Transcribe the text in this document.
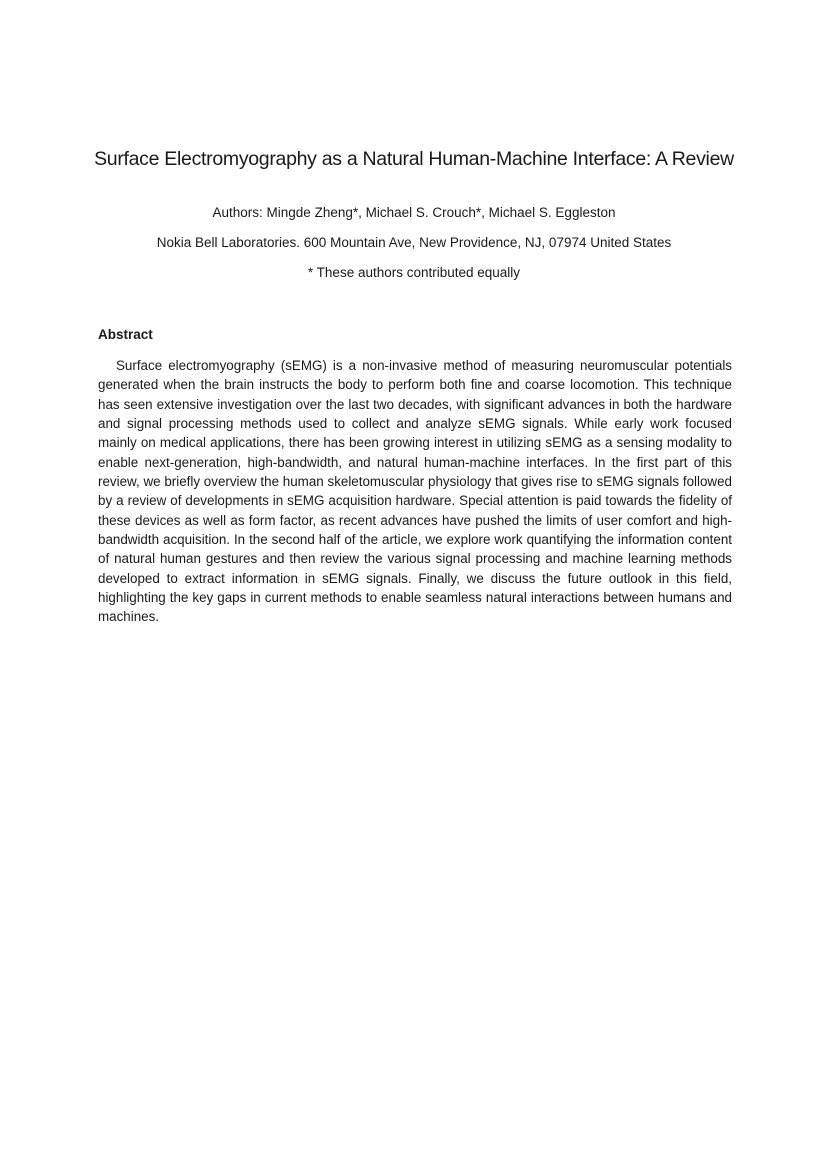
Surface Electromyography as a Natural Human-Machine Interface: A Review
Authors: Mingde Zheng*, Michael S. Crouch*, Michael S. Eggleston
Nokia Bell Laboratories. 600 Mountain Ave, New Providence, NJ, 07974 United States
* These authors contributed equally
Abstract

Surface electromyography (sEMG) is a non-invasive method of measuring neuromuscular potentials generated when the brain instructs the body to perform both fine and coarse locomotion. This technique has seen extensive investigation over the last two decades, with significant advances in both the hardware and signal processing methods used to collect and analyze sEMG signals. While early work focused mainly on medical applications, there has been growing interest in utilizing sEMG as a sensing modality to enable next-generation, high-bandwidth, and natural human-machine interfaces. In the first part of this review, we briefly overview the human skeletomuscular physiology that gives rise to sEMG signals followed by a review of developments in sEMG acquisition hardware. Special attention is paid towards the fidelity of these devices as well as form factor, as recent advances have pushed the limits of user comfort and high-bandwidth acquisition. In the second half of the article, we explore work quantifying the information content of natural human gestures and then review the various signal processing and machine learning methods developed to extract information in sEMG signals. Finally, we discuss the future outlook in this field, highlighting the key gaps in current methods to enable seamless natural interactions between humans and machines.
